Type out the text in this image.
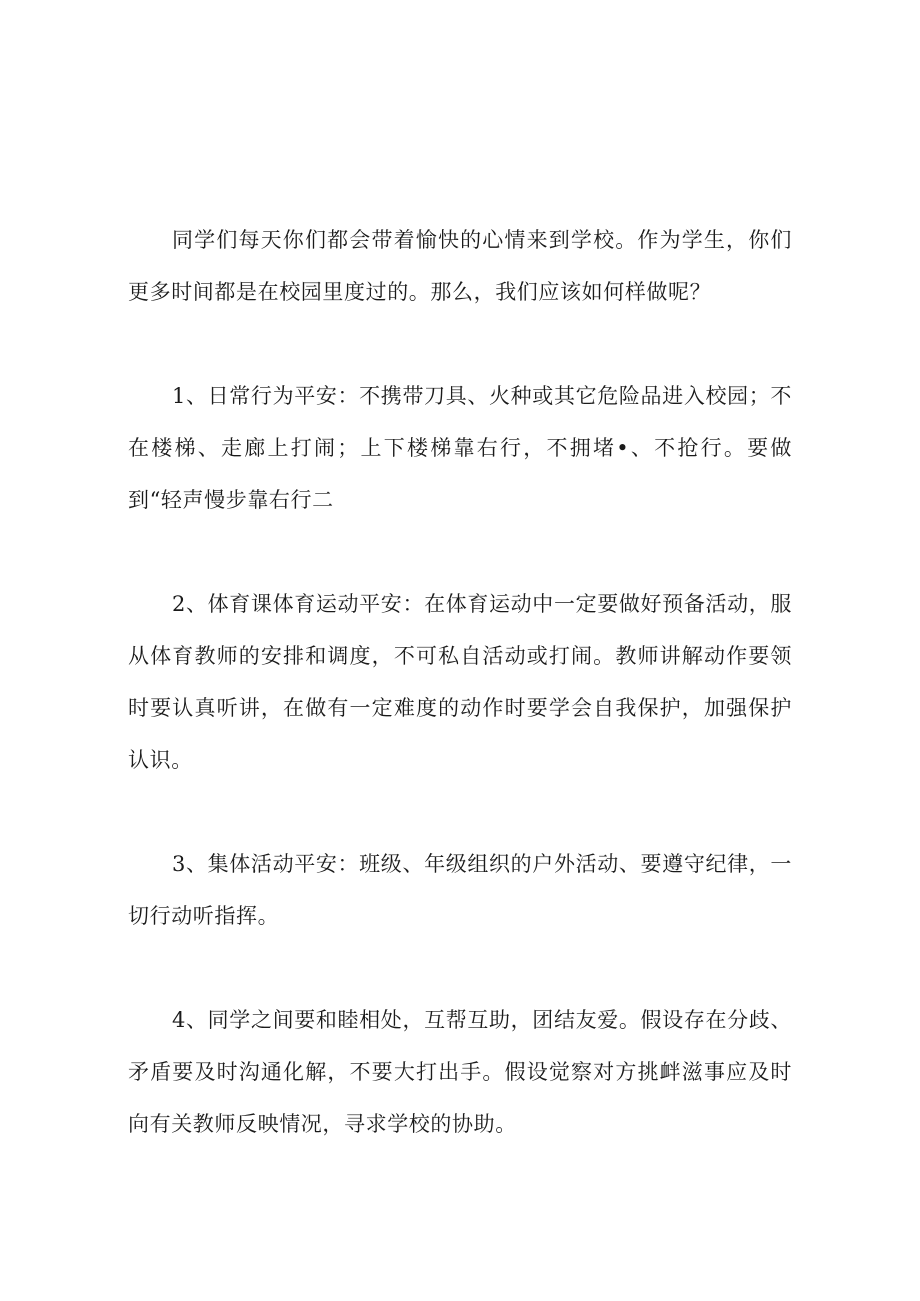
同学们每天你们都会带着愉快的心情来到学校。作为学生，你们更多时间都是在校园里度过的。那么，我们应该如何样做呢？

1、日常行为平安：不携带刀具、火种或其它危险品进入校园；不在楼梯、走廊上打闹；上下楼梯靠右行，不拥堵•、不抢行。要做到“轻声慢步靠右行二

2、体育课体育运动平安：在体育运动中一定要做好预备活动，服从体育教师的安排和调度，不可私自活动或打闹。教师讲解动作要领时要认真听讲，在做有一定难度的动作时要学会自我保护，加强保护认识。

3、集体活动平安：班级、年级组织的户外活动、要遵守纪律，一切行动听指挥。

4、同学之间要和睦相处，互帮互助，团结友爱。假设存在分歧、矛盾要及时沟通化解，不要大打出手。假设觉察对方挑衅滋事应及时向有关教师反映情况，寻求学校的协助。
